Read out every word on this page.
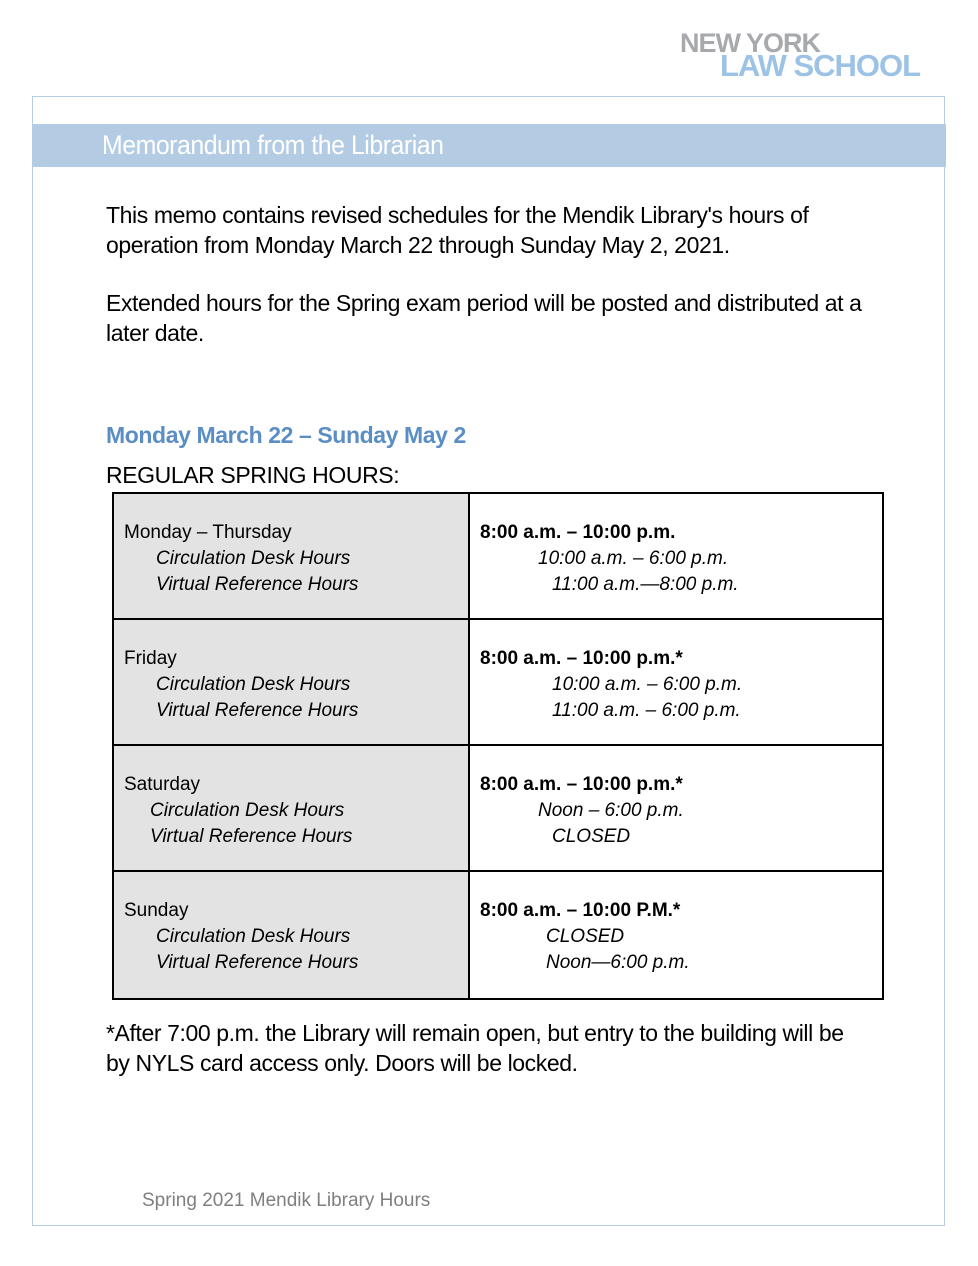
NEW YORK
LAW SCHOOL
Memorandum from the Librarian

This memo contains revised schedules for the Mendik Library's hours of operation from Monday March 22 through Sunday May 2, 2021.

Extended hours for the Spring exam period will be posted and distributed at a later date.

Monday March 22 – Sunday May 2
REGULAR SPRING HOURS:
Monday – Thursday
Circulation Desk Hours
Virtual Reference Hours	8:00 a.m. – 10:00 p.m.
10:00 a.m. – 6:00 p.m.
11:00 a.m.—8:00 p.m.

Friday
Circulation Desk Hours
Virtual Reference Hours	8:00 a.m. – 10:00 p.m.*
10:00 a.m. – 6:00 p.m.
11:00 a.m. – 6:00 p.m.

Saturday
Circulation Desk Hours
Virtual Reference Hours	8:00 a.m. – 10:00 p.m.*
Noon – 6:00 p.m.
CLOSED

Sunday
Circulation Desk Hours
Virtual Reference Hours	8:00 a.m. – 10:00 P.M.*
CLOSED
Noon—6:00 p.m.

*After 7:00 p.m. the Library will remain open, but entry to the building will be by NYLS card access only. Doors will be locked.

Spring 2021 Mendik Library Hours
